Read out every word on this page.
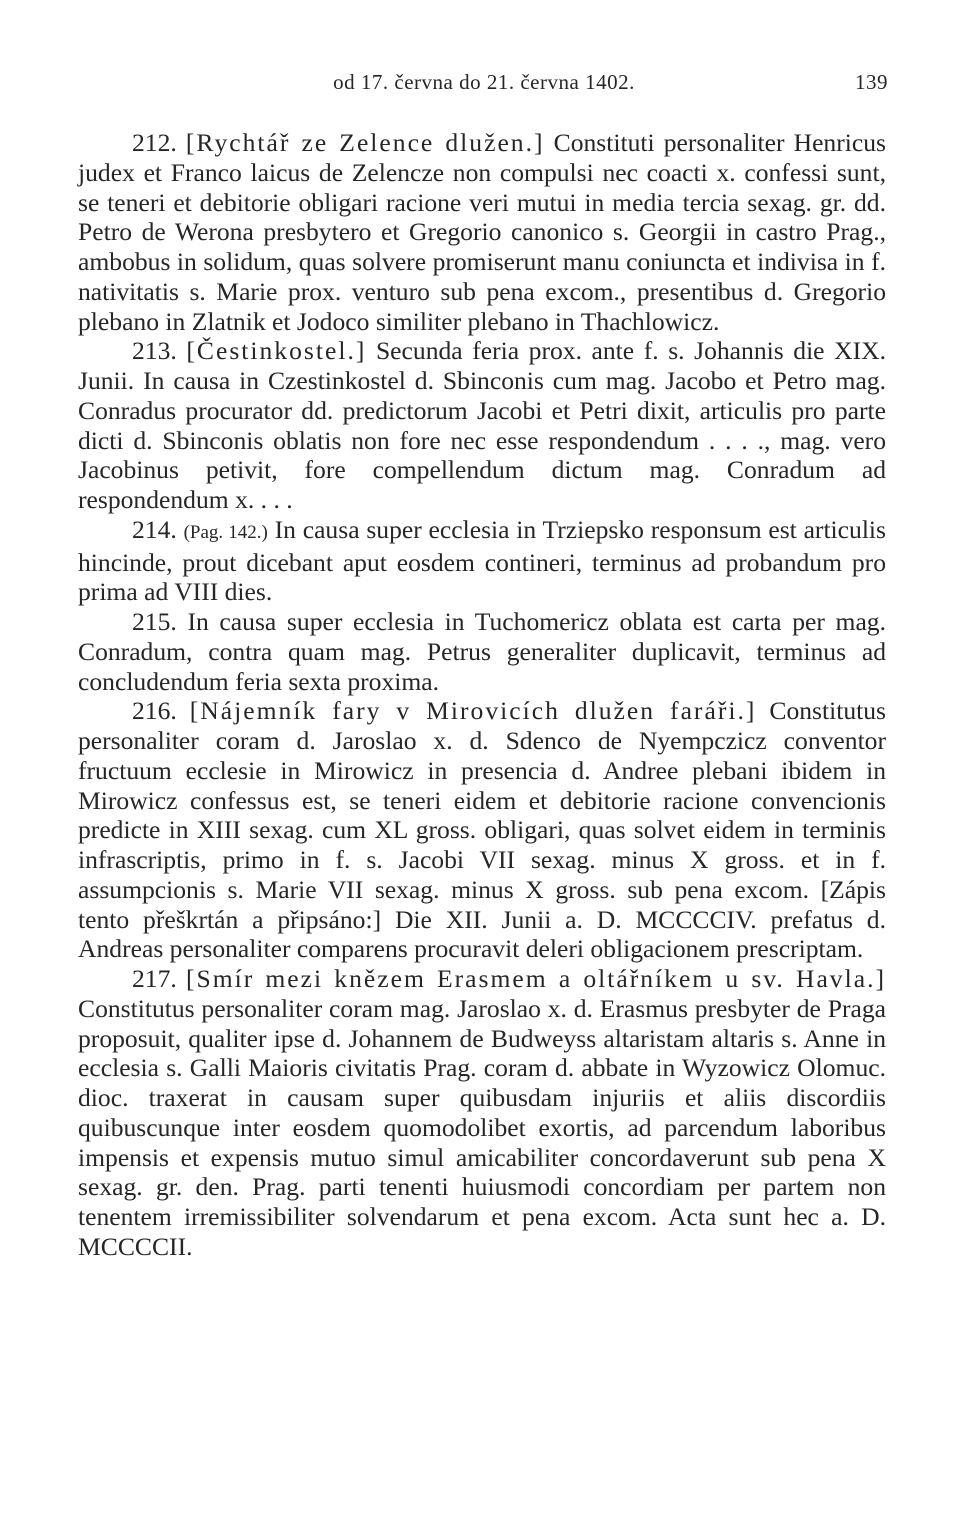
od 17. června do 21. června 1402.	139

212. [Rychtář ze Zelence dlužen.] Constituti personaliter Henricus judex et Franco laicus de Zelencze non compulsi nec coacti x. confessi sunt, se teneri et debitorie obligari racione veri mutui in media tercia sexag. gr. dd. Petro de Werona presbytero et Gregorio canonico s. Georgii in castro Prag., ambobus in solidum, quas solvere promiserunt manu coniuncta et indivisa in f. nativitatis s. Marie prox. venturo sub pena excom., presentibus d. Gregorio plebano in Zlatnik et Jodoco similiter plebano in Thachlowicz.

213. [Čestinkostel.] Secunda feria prox. ante f. s. Johannis die XIX. Junii. In causa in Czestinkostel d. Sbinconis cum mag. Jacobo et Petro mag. Conradus procurator dd. predictorum Jacobi et Petri dixit, articulis pro parte dicti d. Sbinconis oblatis non fore nec esse respondendum . . . ., mag. vero Jacobinus petivit, fore compellendum dictum mag. Conradum ad respondendum x. . . .

214. (Pag. 142.) In causa super ecclesia in Trziepsko responsum est articulis hincinde, prout dicebant aput eosdem contineri, terminus ad probandum pro prima ad VIII dies.

215. In causa super ecclesia in Tuchomericz oblata est carta per mag. Conradum, contra quam mag. Petrus generaliter duplicavit, terminus ad concludendum feria sexta proxima.

216. [Nájemník fary v Mirovicích dlužen faráři.] Constitutus personaliter coram d. Jaroslao x. d. Sdenco de Nyempczicz conventor fructuum ecclesie in Mirowicz in presencia d. Andree plebani ibidem in Mirowicz confessus est, se teneri eidem et debitorie racione convencionis predicte in XIII sexag. cum XL gross. obligari, quas solvet eidem in terminis infrascriptis, primo in f. s. Jacobi VII sexag. minus X gross. et in f. assumpcionis s. Marie VII sexag. minus X gross. sub pena excom. [Zápis tento přeškrtán a připsáno:] Die XII. Junii a. D. MCCCCIV. prefatus d. Andreas personaliter comparens procuravit deleri obligacionem prescriptam.

217. [Smír mezi knězem Erasmem a oltářníkem u sv. Havla.] Constitutus personaliter coram mag. Jaroslao x. d. Erasmus presbyter de Praga proposuit, qualiter ipse d. Johannem de Budweyss altaristam altaris s. Anne in ecclesia s. Galli Maioris civitatis Prag. coram d. abbate in Wyzowicz Olomuc. dioc. traxerat in causam super quibusdam injuriis et aliis discordiis quibuscunque inter eosdem quomodolibet exortis, ad parcendum laboribus impensis et expensis mutuo simul amicabiliter concordaverunt sub pena X sexag. gr. den. Prag. parti tenenti huiusmodi concordiam per partem non tenentem irremissibiliter solvendarum et pena excom. Acta sunt hec a. D. MCCCCII.
